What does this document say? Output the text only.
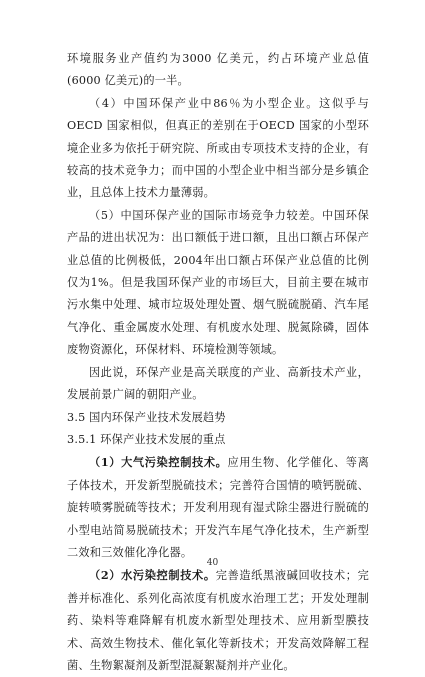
环境服务业产值约为3000 亿美元，约占环境产业总值(6000 亿美元)的一半。

（4）中国环保产业中86％为小型企业。这似乎与OECD 国家相似，但真正的差别在于OECD 国家的小型环境企业多为依托于研究院、所或由专项技术支持的企业，有较高的技术竞争力；而中国的小型企业中相当部分是乡镇企业，且总体上技术力量薄弱。

（5）中国环保产业的国际市场竞争力较差。中国环保产品的进出状况为：出口额低于进口额，且出口额占环保产业总值的比例极低，2004年出口额占环保产业总值的比例仅为1%。但是我国环保产业的市场巨大，目前主要在城市污水集中处理、城市垃圾处理处置、烟气脱硫脱硝、汽车尾气净化、重金属废水处理、有机废水处理、脱氮除磷，固体废物资源化，环保材料、环境检测等领域。

因此说，环保产业是高关联度的产业、高新技术产业，发展前景广阔的朝阳产业。

3.5 国内环保产业技术发展趋势

3.5.1 环保产业技术发展的重点

（1）大气污染控制技术。应用生物、化学催化、等离子体技术，开发新型脱硫技术；完善符合国情的喷钙脱硫、旋转喷雾脱硫等技术；开发利用现有湿式除尘器进行脱硫的小型电站简易脱硫技术；开发汽车尾气净化技术，生产新型二效和三效催化净化器。

（2）水污染控制技术。完善造纸黑液碱回收技术；完善并标准化、系列化高浓度有机废水治理工艺；开发处理制药、染料等难降解有机废水新型处理技术、应用新型膜技术、高效生物技术、催化氧化等新技术；开发高效降解工程菌、生物絮凝剂及新型混凝絮凝剂并产业化。

40
